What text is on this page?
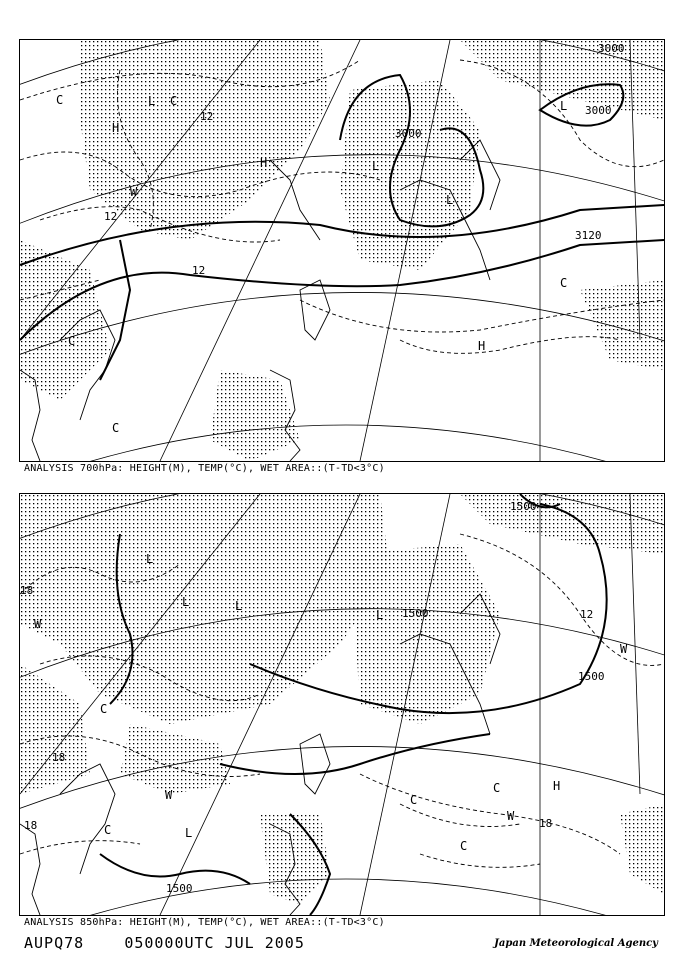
3000
3000
3120
3000
12
12
12
L
L
L
L
H
H
H
W
C
C
C
C
C
ANALYSIS 700hPa: HEIGHT(M), TEMP(°C), WET AREA::(T-TD<3°C)
1500
1500
1500
1500
18
18
18
12
18
L
L
L
L
L
H
W
W
W
W
C
C
C
C
C
ANALYSIS 850hPa: HEIGHT(M), TEMP(°C), WET AREA::(T-TD<3°C)
AUPQ78	050000UTC JUL 2005	Japan Meteorological Agency
